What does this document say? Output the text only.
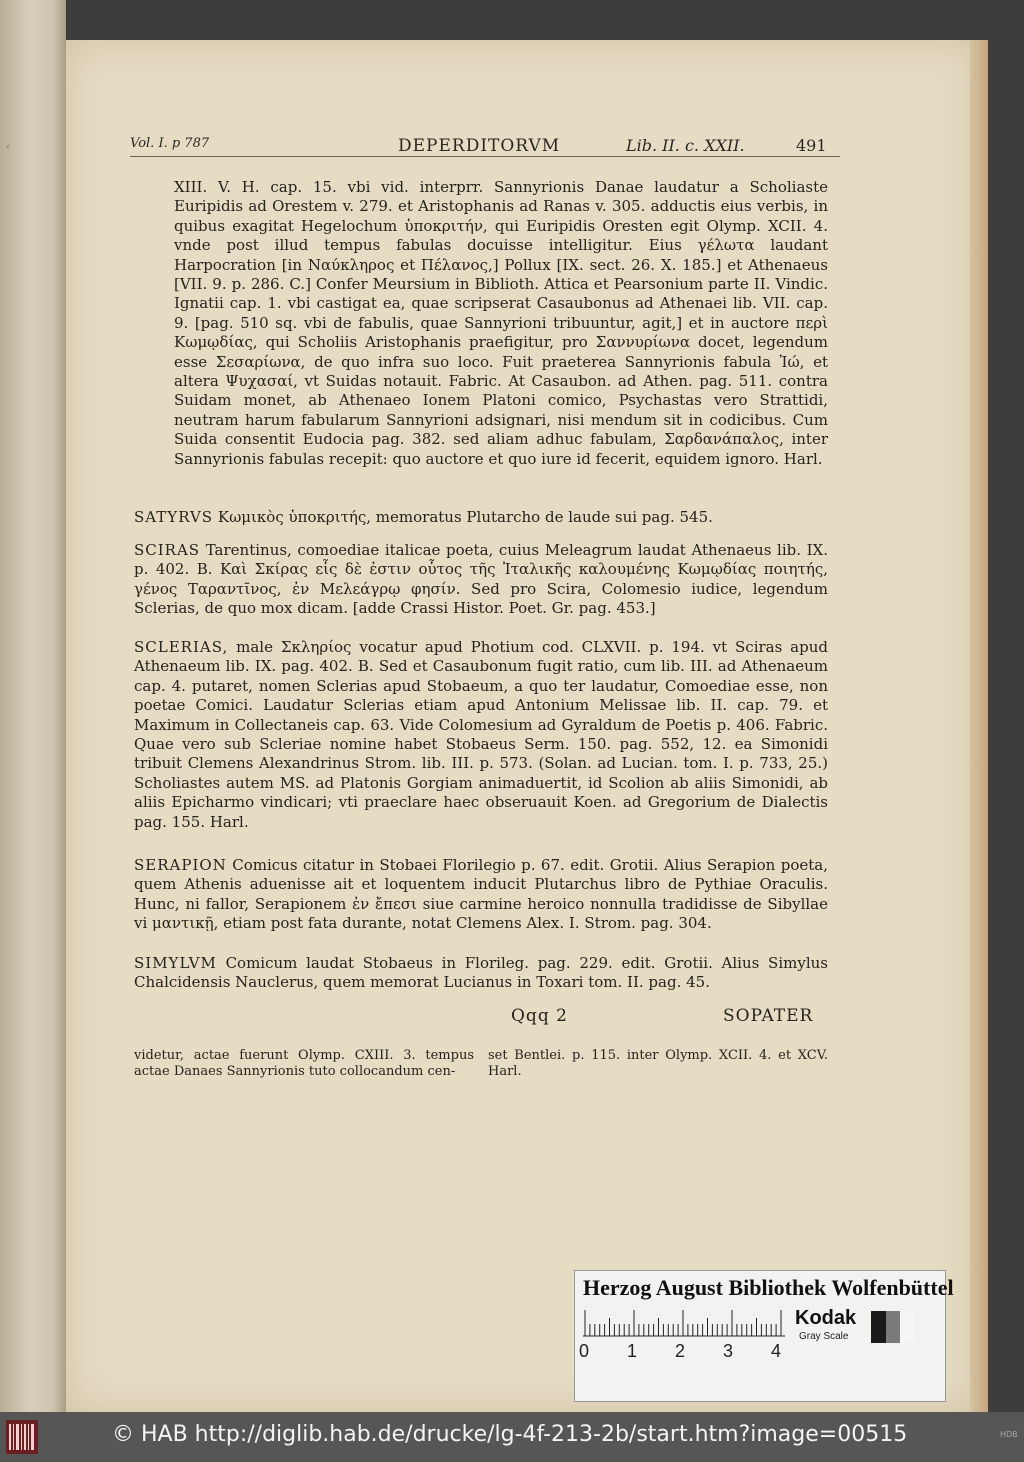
‹	Vol. I. p 787	DEPERDITORVM	Lib. II. c. XXII.	491
XIII. V. H. cap. 15. vbi vid. interprr. Sannyrionis Danae laudatur a Scholiaste Euripidis ad Orestem v. 279. et Aristophanis ad Ranas v. 305. adductis eius verbis, in quibus exagitat Hegelochum ὑποκριτήν, qui Euripidis Oresten egit Olymp. XCII. 4. vnde post illud tempus fabulas docuisse intelligitur. Eius γέλωτα laudant Harpocration [in Ναύκληρος et Πέλανος,] Pollux [IX. sect. 26. X. 185.] et Athenaeus [VII. 9. p. 286. C.] Confer Meursium in Biblioth. Attica et Pearsonium parte II. Vindic. Ignatii cap. 1. vbi castigat ea, quae scripserat Casaubonus ad Athenaei lib. VII. cap. 9. [pag. 510 sq. vbi de fabulis, quae Sannyrioni tribuuntur, agit,] et in auctore περὶ Κωμῳδίας, qui Scholiis Aristophanis praefigitur, pro Σαννυρίωνα docet, legendum esse Σεσαρίωνα, de quo infra suo loco. Fuit praeterea Sannyrionis fabula Ἰώ, et altera Ψυχασαί, vt Suidas notauit. Fabric. At Casaubon. ad Athen. pag. 511. contra Suidam monet, ab Athenaeo Ionem Platoni comico, Psychastas vero Strattidi, neutram harum fabularum Sannyrioni adsignari, nisi mendum sit in codicibus. Cum Suida consentit Eudocia pag. 382. sed aliam adhuc fabulam, Σαρδανάπαλος, inter Sannyrionis fabulas recepit: quo auctore et quo iure id fecerit, equidem ignoro. Harl.
SATYRVS Κωμικὸς ὑποκριτής, memoratus Plutarcho de laude sui pag. 545.
SCIRAS Tarentinus, comoediae italicae poeta, cuius Meleagrum laudat Athenaeus lib. IX. p. 402. B. Καὶ Σκίρας εἷς δὲ ἐστιν οὗτος τῆς Ἰταλικῆς καλουμένης Κωμῳδίας ποιητής, γένος Ταραντῖνος, ἐν Μελεάγρῳ φησίν. Sed pro Scira, Colomesio iudice, legendum Sclerias, de quo mox dicam. [adde Crassi Histor. Poet. Gr. pag. 453.]
SCLERIAS, male Σκληρίος vocatur apud Photium cod. CLXVII. p. 194. vt Sciras apud Athenaeum lib. IX. pag. 402. B. Sed et Casaubonum fugit ratio, cum lib. III. ad Athenaeum cap. 4. putaret, nomen Sclerias apud Stobaeum, a quo ter laudatur, Comoediae esse, non poetae Comici. Laudatur Sclerias etiam apud Antonium Melissae lib. II. cap. 79. et Maximum in Collectaneis cap. 63. Vide Colomesium ad Gyraldum de Poetis p. 406. Fabric. Quae vero sub Scleriae nomine habet Stobaeus Serm. 150. pag. 552, 12. ea Simonidi tribuit Clemens Alexandrinus Strom. lib. III. p. 573. (Solan. ad Lucian. tom. I. p. 733, 25.) Scholiastes autem MS. ad Platonis Gorgiam animaduertit, id Scolion ab aliis Simonidi, ab aliis Epicharmo vindicari; vti praeclare haec obseruauit Koen. ad Gregorium de Dialectis pag. 155. Harl.
SERAPION Comicus citatur in Stobaei Florilegio p. 67. edit. Grotii. Alius Serapion poeta, quem Athenis aduenisse ait et loquentem inducit Plutarchus libro de Pythiae Oraculis. Hunc, ni fallor, Serapionem ἐν ἔπεσι siue carmine heroico nonnulla tradidisse de Sibyllae vi μαντικῇ, etiam post fata durante, notat Clemens Alex. I. Strom. pag. 304.
SIMYLVM Comicum laudat Stobaeus in Florileg. pag. 229. edit. Grotii. Alius Simylus Chalcidensis Nauclerus, quem memorat Lucianus in Toxari tom. II. pag. 45.
Qqq 2	SOPATER
videtur, actae fuerunt Olymp. CXIII. 3. tempus actae Danaes Sannyrionis tuto collocandum cen-
set Bentlei. p. 115. inter Olymp. XCII. 4. et XCV. Harl.
Herzog August Bibliothek Wolfenbüttel
0 1 2 3 4
Kodak
Gray Scale
© HAB http://diglib.hab.de/drucke/lg-4f-213-2b/start.htm?image=00515	HDB
